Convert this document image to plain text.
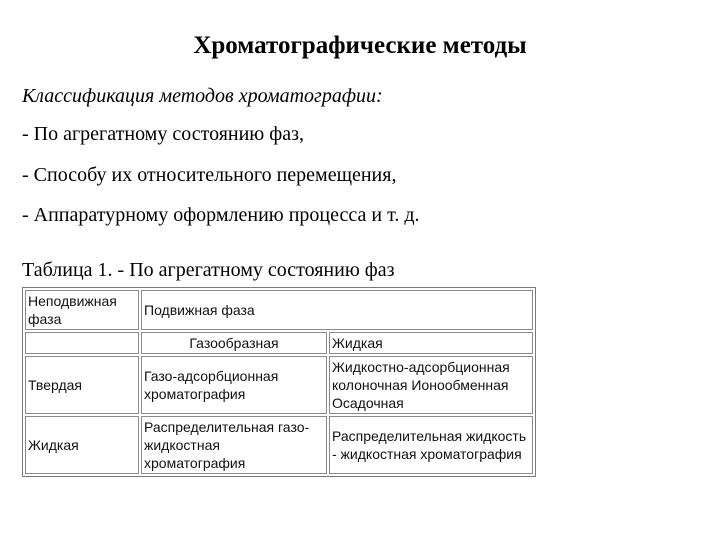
Хроматографические методы
Классификация методов хроматографии:
- По агрегатному состоянию фаз,
- Способу их относительного перемещения,
- Аппаратурному оформлению процесса и т. д.
Таблица 1. - По агрегатному состоянию фаз
Неподвижная фаза	Подвижная фаза	
	Газообразная	Жидкая
Твердая	Газо-адсорбционная хроматография	Жидкостно-адсорбционная колоночная Ионообменная Осадочная
Жидкая	Распределительная газо- жидкостная хроматография	Распределительная жидкость - жидкостная хроматография
